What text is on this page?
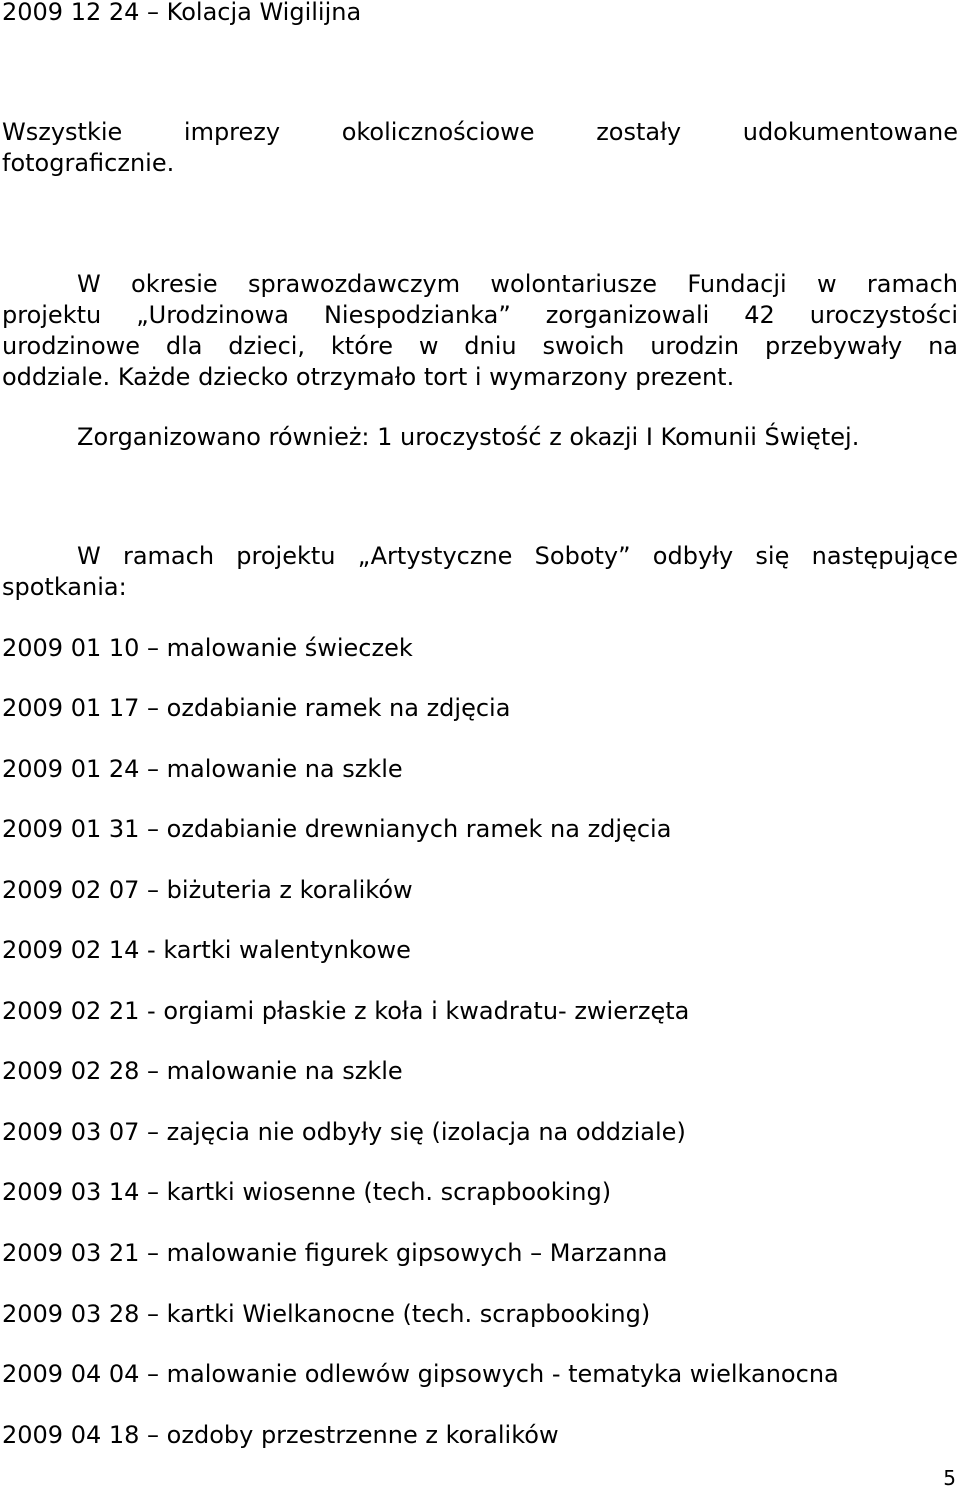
2009 12 24 – Kolacja Wigilijna
Wszystkie imprezy okolicznościowe zostały udokumentowane
fotograficznie.
W okresie sprawozdawczym wolontariusze Fundacji w ramach
projektu „Urodzinowa Niespodzianka” zorganizowali 42 uroczystości
urodzinowe dla dzieci, które w dniu swoich urodzin przebywały na
oddziale. Każde dziecko otrzymało tort i wymarzony prezent.
Zorganizowano również: 1 uroczystość z okazji I Komunii Świętej.
W ramach projektu „Artystyczne Soboty” odbyły się następujące
spotkania:
2009 01 10 – malowanie świeczek
2009 01 17 – ozdabianie ramek na zdjęcia
2009 01 24 – malowanie na szkle
2009 01 31 – ozdabianie drewnianych ramek na zdjęcia
2009 02 07 – biżuteria z koralików
2009 02 14 - kartki walentynkowe
2009 02 21 - orgiami płaskie z koła i kwadratu- zwierzęta
2009 02 28 – malowanie na szkle
2009 03 07 – zajęcia nie odbyły się (izolacja na oddziale)
2009 03 14 – kartki wiosenne (tech. scrapbooking)
2009 03 21 – malowanie figurek gipsowych – Marzanna
2009 03 28 – kartki Wielkanocne (tech. scrapbooking)
2009 04 04 – malowanie odlewów gipsowych - tematyka wielkanocna
2009 04 18 – ozdoby przestrzenne z koralików
5
